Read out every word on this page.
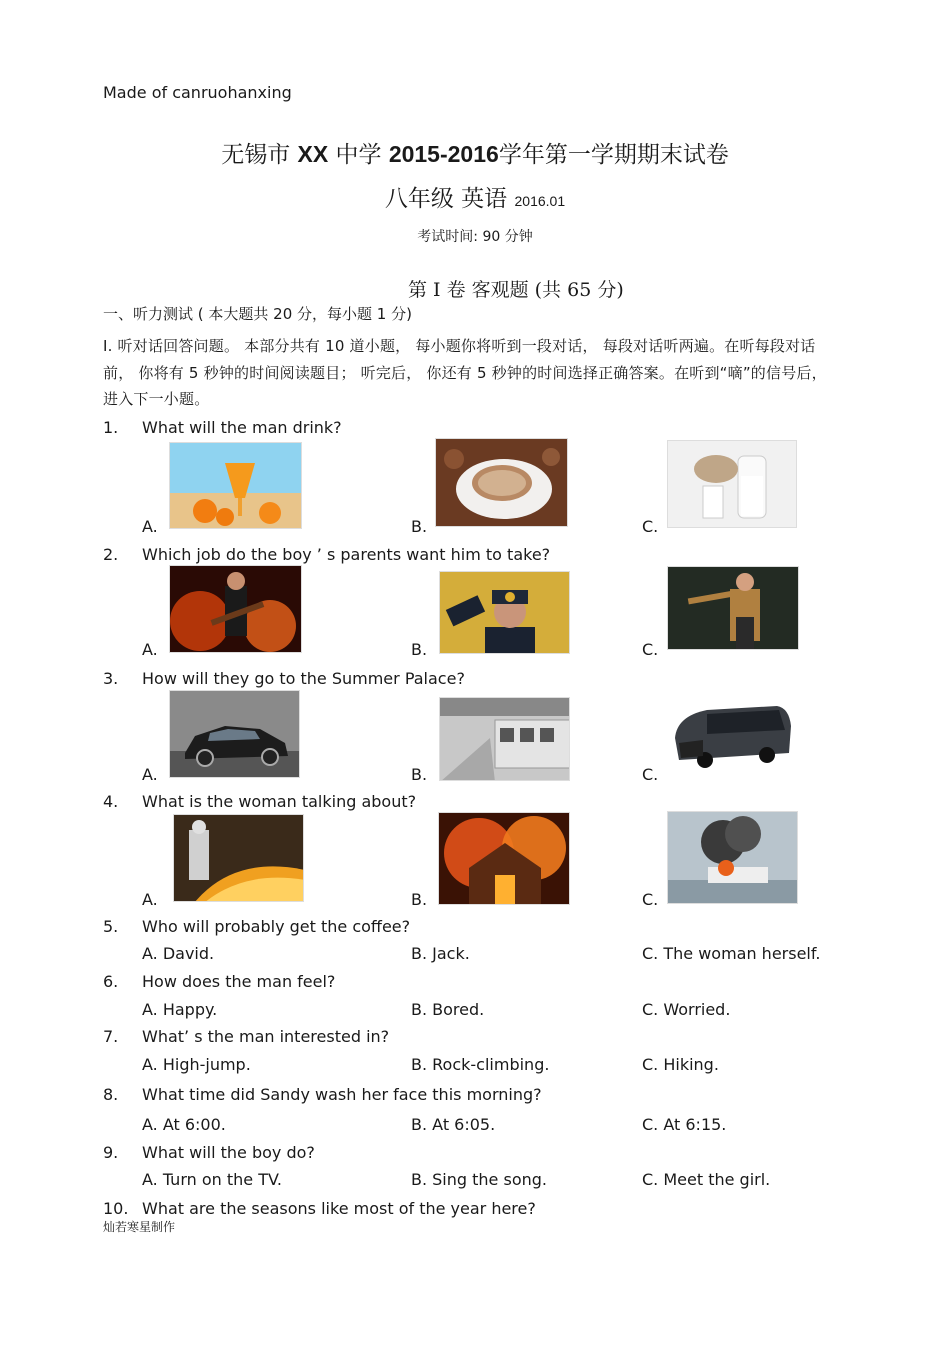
Made of canruohanxing
无锡市 XX 中学 2015-2016学年第一学期期末试卷
八年级 英语 2016.01
考试时间: 90 分钟
第 I 卷 客观题 (共 65 分)
一、听力测试 ( 本大题共 20 分，每小题 1 分)
I. 听对话回答问题。 本部分共有 10 道小题， 每小题你将听到一段对话， 每段对话听两遍。在听每段对话前， 你将有 5 秒钟的时间阅读题目； 听完后， 你还有 5 秒钟的时间选择正确答案。在听到“嘀”的信号后，进入下一小题。
1. What will the man drink?
A.	B.	C.
2. Which job do the boy ’ s parents want him to take?
A.	B.	C.
3. How will they go to the Summer Palace?
A.	B.	C.
4. What is the woman talking about?
A.	B.	C.
5. Who will probably get the coffee?
A. David.	B. Jack.	C. The woman herself.
6. How does the man feel?
A. Happy.	B. Bored.	C. Worried.
7. What’ s the man interested in?
A. High-jump.	B. Rock-climbing.	C. Hiking.
8. What time did Sandy wash her face this morning?
A. At 6:00.	B. At 6:05.	C. At 6:15.
9. What will the boy do?
A. Turn on the TV.	B. Sing the song.	C. Meet the girl.
10. What are the seasons like most of the year here?
灿若寒星制作
